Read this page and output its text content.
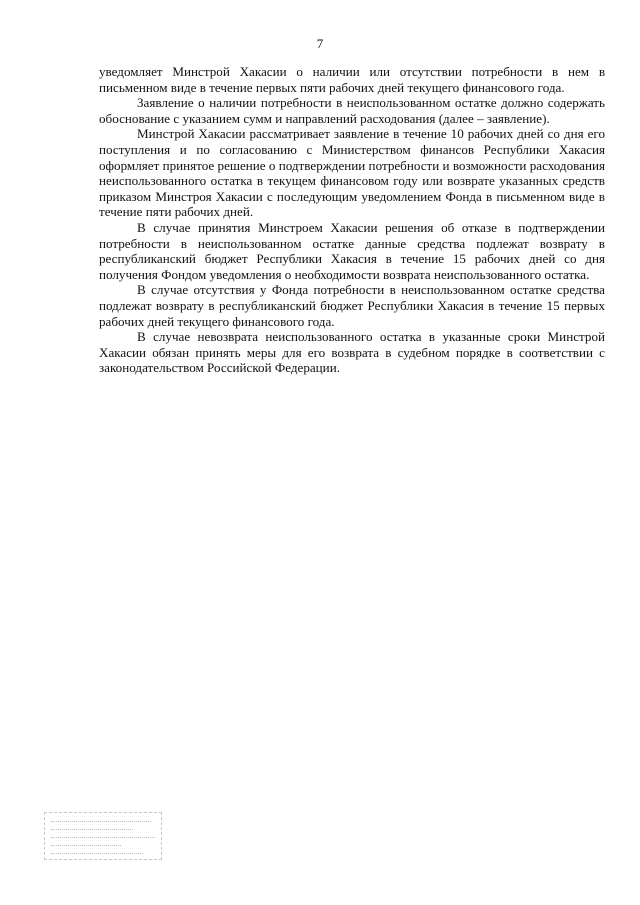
7

уведомляет Минстрой Хакасии о наличии или отсутствии потребности в нем в письменном виде в течение первых пяти рабочих дней текущего финансового года.

Заявление о наличии потребности в неиспользованном остатке должно содержать обоснование с указанием сумм и направлений расходования (далее – заявление).

Минстрой Хакасии рассматривает заявление в течение 10 рабочих дней со дня его поступления и по согласованию с Министерством финансов Республики Хакасия оформляет принятое решение о подтверждении потребности и возможности расходования неиспользованного остатка в текущем финансовом году или возврате указанных средств приказом Минстроя Хакасии с последующим уведомлением Фонда в письменном виде в течение пяти рабочих дней.

В случае принятия Минстроем Хакасии решения об отказе в подтверждении потребности в неиспользованном остатке данные средства подлежат возврату в республиканский бюджет Республики Хакасия в течение 15 рабочих дней со дня получения Фондом уведомления о необходимости возврата неиспользованного остатка.

В случае отсутствия у Фонда потребности в неиспользованном остатке средства подлежат возврату в республиканский бюджет Республики Хакасия в течение 15 первых рабочих дней текущего финансового года.

В случае невозврата неиспользованного остатка в указанные сроки Минстрой Хакасии обязан принять меры для его возврата в судебном порядке в соответствии с законодательством Российской Федерации.
